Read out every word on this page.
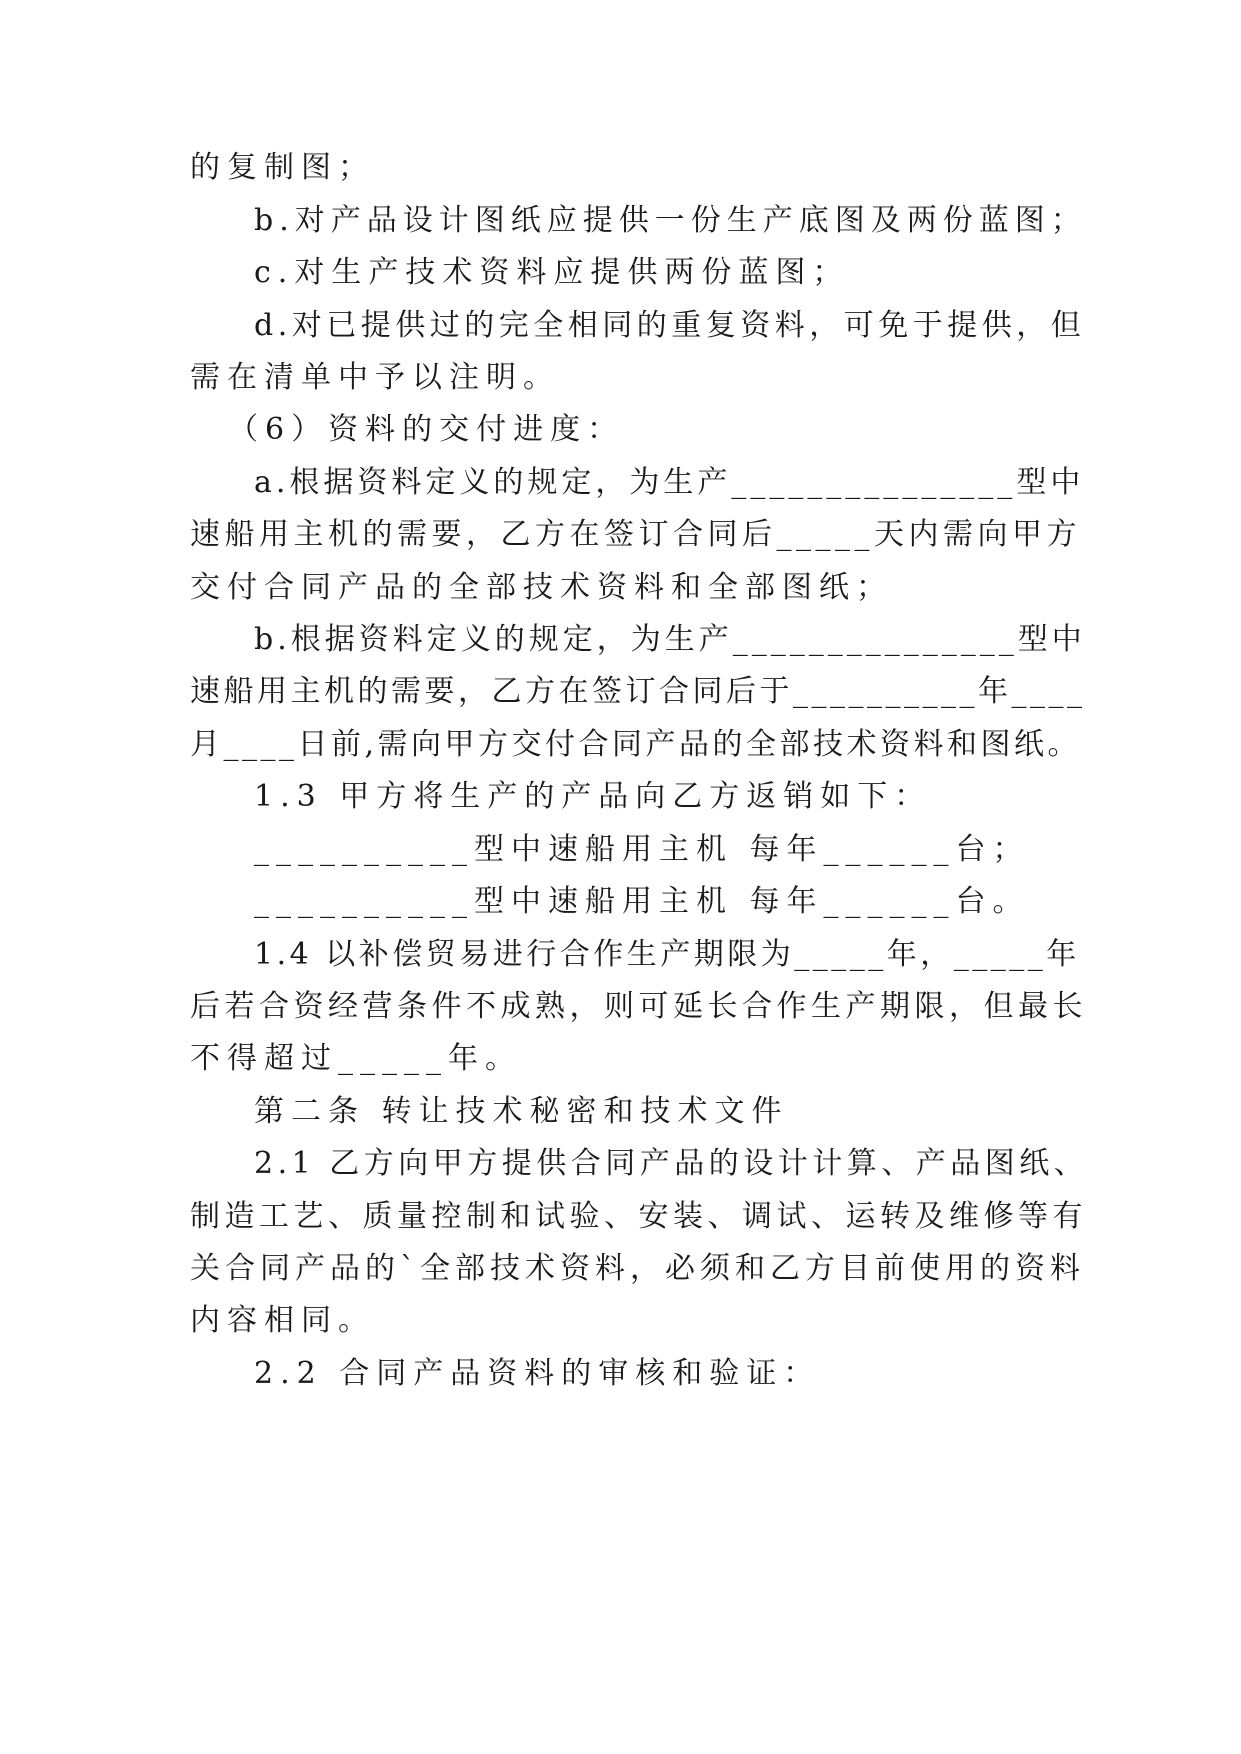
的复制图；
b.对产品设计图纸应提供一份生产底图及两份蓝图；
c.对生产技术资料应提供两份蓝图；
d.对已提供过的完全相同的重复资料，可免于提供，但
需在清单中予以注明。
（6）资料的交付进度：
a.根据资料定义的规定，为生产_______________型中
速船用主机的需要，乙方在签订合同后_____天内需向甲方
交付合同产品的全部技术资料和全部图纸；
b.根据资料定义的规定，为生产_______________型中
速船用主机的需要，乙方在签订合同后于__________年____
月____日前,需向甲方交付合同产品的全部技术资料和图纸。
1.3 甲方将生产的产品向乙方返销如下：
__________型中速船用主机 每年______台；
__________型中速船用主机 每年______台。
1.4 以补偿贸易进行合作生产期限为_____年，_____年
后若合资经营条件不成熟，则可延长合作生产期限，但最长
不得超过_____年。
第二条 转让技术秘密和技术文件
2.1 乙方向甲方提供合同产品的设计计算、产品图纸、
制造工艺、质量控制和试验、安装、调试、运转及维修等有
关合同产品的`全部技术资料，必须和乙方目前使用的资料
内容相同。
2.2 合同产品资料的审核和验证：
